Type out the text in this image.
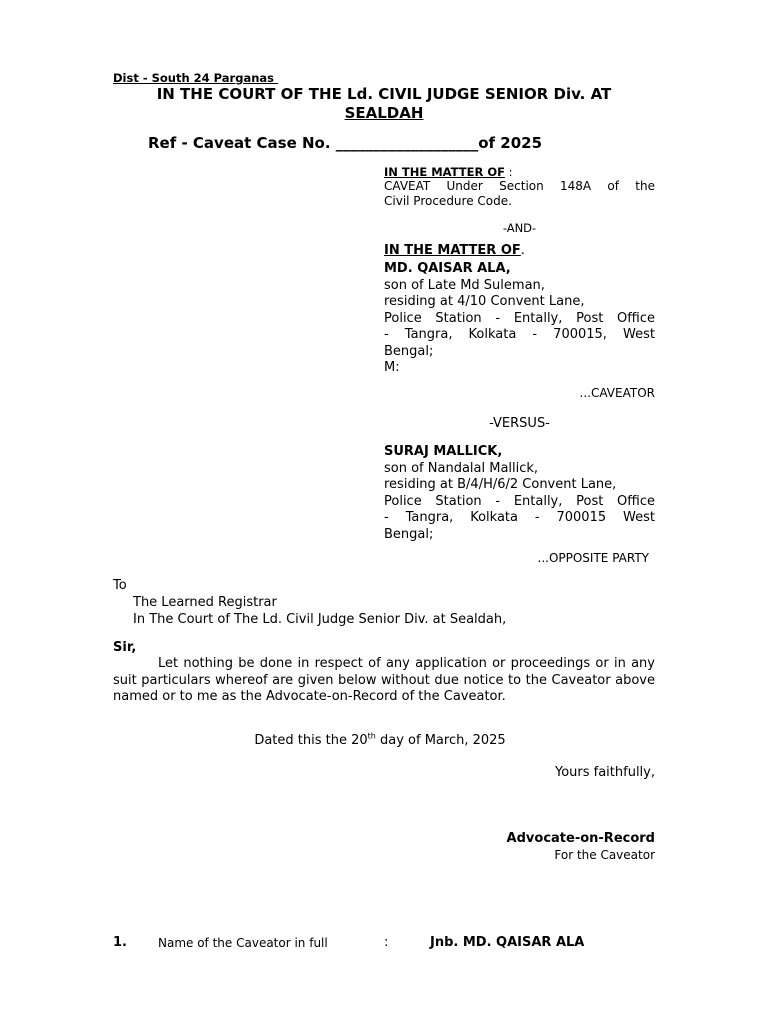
Dist - South 24 Parganas
IN THE COURT OF THE Ld. CIVIL JUDGE SENIOR Div. AT
SEALDAH
Ref - Caveat Case No. ___________________of 2025
IN THE MATTER OF :
CAVEAT Under Section 148A of the
Civil Procedure Code.
-AND-
IN THE MATTER OF.
MD. QAISAR ALA,
son of Late Md Suleman,
residing at 4/10 Convent Lane,
Police Station - Entally, Post Office
- Tangra, Kolkata - 700015, West
Bengal;
M:
...CAVEATOR
-VERSUS-
SURAJ MALLICK,
son of Nandalal Mallick,
residing at B/4/H/6/2 Convent Lane,
Police Station - Entally, Post Office
- Tangra, Kolkata - 700015 West
Bengal;
...OPPOSITE PARTY
To
The Learned Registrar
In The Court of The Ld. Civil Judge Senior Div. at Sealdah,
Sir,
Let nothing be done in respect of any application or proceedings or in any suit particulars whereof are given below without due notice to the Caveator above named or to me as the Advocate-on-Record of the Caveator.
Dated this the 20th day of March, 2025
Yours faithfully,
Advocate-on-Record
For the Caveator
1.	Name of the Caveator in full	:	Jnb. MD. QAISAR ALA
